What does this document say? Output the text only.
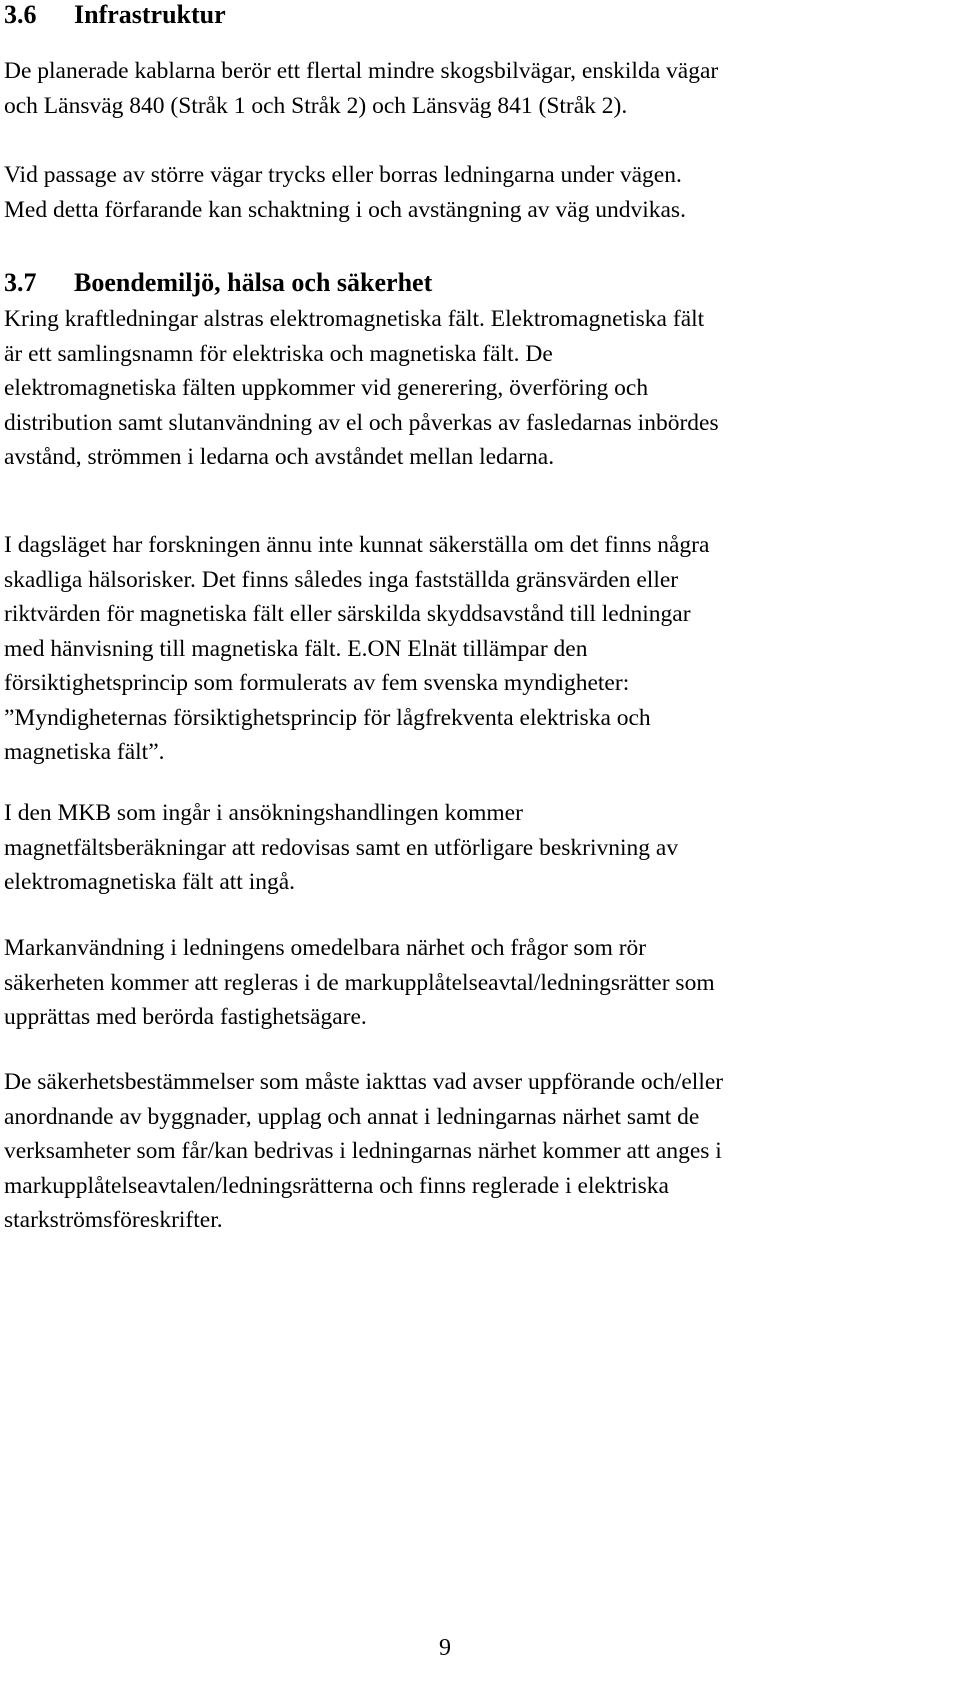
3.6 Infrastruktur

De planerade kablarna berör ett flertal mindre skogsbilvägar, enskilda vägar
och Länsväg 840 (Stråk 1 och Stråk 2) och Länsväg 841 (Stråk 2).

Vid passage av större vägar trycks eller borras ledningarna under vägen.
Med detta förfarande kan schaktning i och avstängning av väg undvikas.

3.7 Boendemiljö, hälsa och säkerhet

Kring kraftledningar alstras elektromagnetiska fält. Elektromagnetiska fält
är ett samlingsnamn för elektriska och magnetiska fält. De
elektromagnetiska fälten uppkommer vid generering, överföring och
distribution samt slutanvändning av el och påverkas av fasledarnas inbördes
avstånd, strömmen i ledarna och avståndet mellan ledarna.

I dagsläget har forskningen ännu inte kunnat säkerställa om det finns några
skadliga hälsorisker. Det finns således inga fastställda gränsvärden eller
riktvärden för magnetiska fält eller särskilda skyddsavstånd till ledningar
med hänvisning till magnetiska fält. E.ON Elnät tillämpar den
försiktighetsprincip som formulerats av fem svenska myndigheter:
”Myndigheternas försiktighetsprincip för lågfrekventa elektriska och
magnetiska fält”.

I den MKB som ingår i ansökningshandlingen kommer
magnetfältsberäkningar att redovisas samt en utförligare beskrivning av
elektromagnetiska fält att ingå.

Markanvändning i ledningens omedelbara närhet och frågor som rör
säkerheten kommer att regleras i de markupplåtelseavtal/ledningsrätter som
upprättas med berörda fastighetsägare.

De säkerhetsbestämmelser som måste iakttas vad avser uppförande och/eller
anordnande av byggnader, upplag och annat i ledningarnas närhet samt de
verksamheter som får/kan bedrivas i ledningarnas närhet kommer att anges i
markupplåtelseavtalen/ledningsrätterna och finns reglerade i elektriska
starkströmsföreskrifter.

9
